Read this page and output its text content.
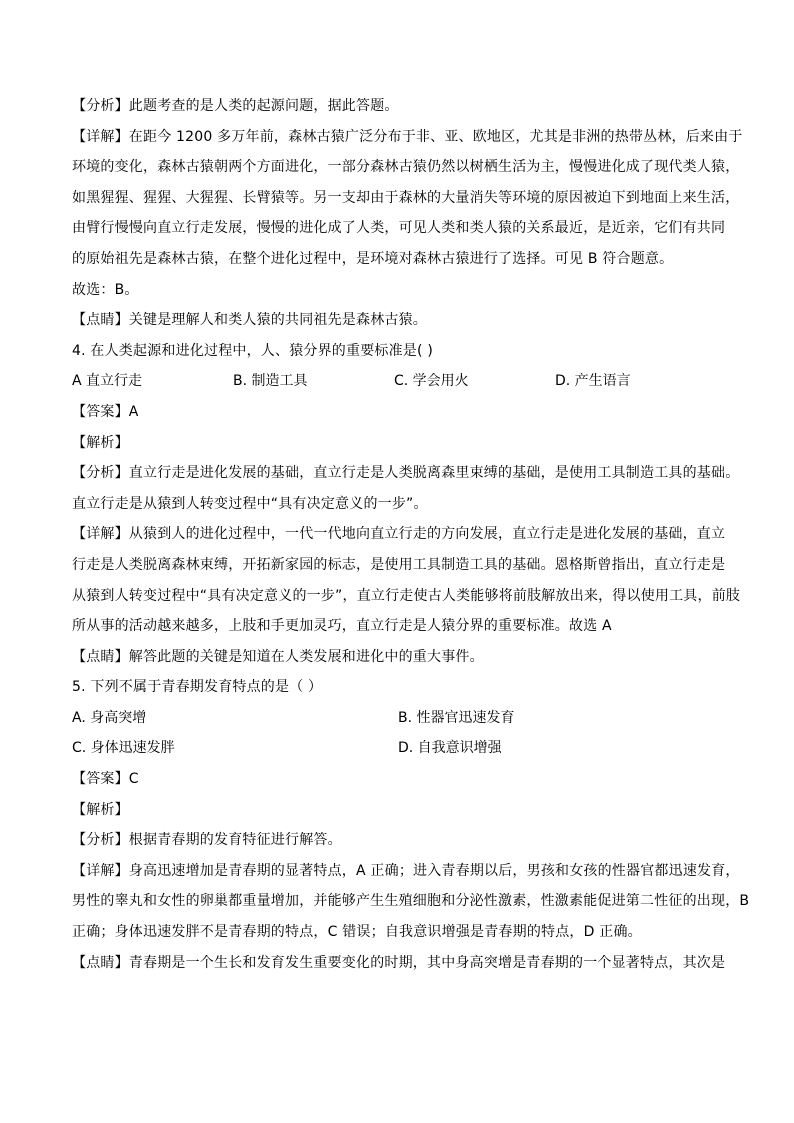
【分析】此题考查的是人类的起源问题，据此答题。
【详解】在距今 1200 多万年前，森林古猿广泛分布于非、亚、欧地区，尤其是非洲的热带丛林，后来由于
环境的变化，森林古猿朝两个方面进化，一部分森林古猿仍然以树栖生活为主，慢慢进化成了现代类人猿，
如黑猩猩、猩猩、大猩猩、长臂猿等。另一支却由于森林的大量消失等环境的原因被迫下到地面上来生活，
由臂行慢慢向直立行走发展，慢慢的进化成了人类，可见人类和类人猿的关系最近，是近亲，它们有共同
的原始祖先是森林古猿，在整个进化过程中，是环境对森林古猿进行了选择。可见 B 符合题意。
故选：B。
【点睛】关键是理解人和类人猿的共同祖先是森林古猿。
4. 在人类起源和进化过程中，人、猿分界的重要标准是( )
A 直立行走	B. 制造工具	C. 学会用火	D. 产生语言
【答案】A
【解析】
【分析】直立行走是进化发展的基础，直立行走是人类脱离森里束缚的基础，是使用工具制造工具的基础。
直立行走是从猿到人转变过程中“具有决定意义的一步”。
【详解】从猿到人的进化过程中，一代一代地向直立行走的方向发展，直立行走是进化发展的基础，直立
行走是人类脱离森林束缚，开拓新家园的标志，是使用工具制造工具的基础。恩格斯曾指出，直立行走是
从猿到人转变过程中“具有决定意义的一步”，直立行走使古人类能够将前肢解放出来，得以使用工具，前肢
所从事的活动越来越多，上肢和手更加灵巧，直立行走是人猿分界的重要标准。故选 A
【点睛】解答此题的关键是知道在人类发展和进化中的重大事件。
5. 下列不属于青春期发育特点的是（ ）
A. 身高突增	B. 性器官迅速发育
C. 身体迅速发胖	D. 自我意识增强
【答案】C
【解析】
【分析】根据青春期的发育特征进行解答。
【详解】身高迅速增加是青春期的显著特点，A 正确；进入青春期以后，男孩和女孩的性器官都迅速发育，
男性的睾丸和女性的卵巢都重量增加，并能够产生生殖细胞和分泌性激素，性激素能促进第二性征的出现，B
正确；身体迅速发胖不是青春期的特点，C 错误；自我意识增强是青春期的特点，D 正确。
【点睛】青春期是一个生长和发育发生重要变化的时期，其中身高突增是青春期的一个显著特点，其次是
